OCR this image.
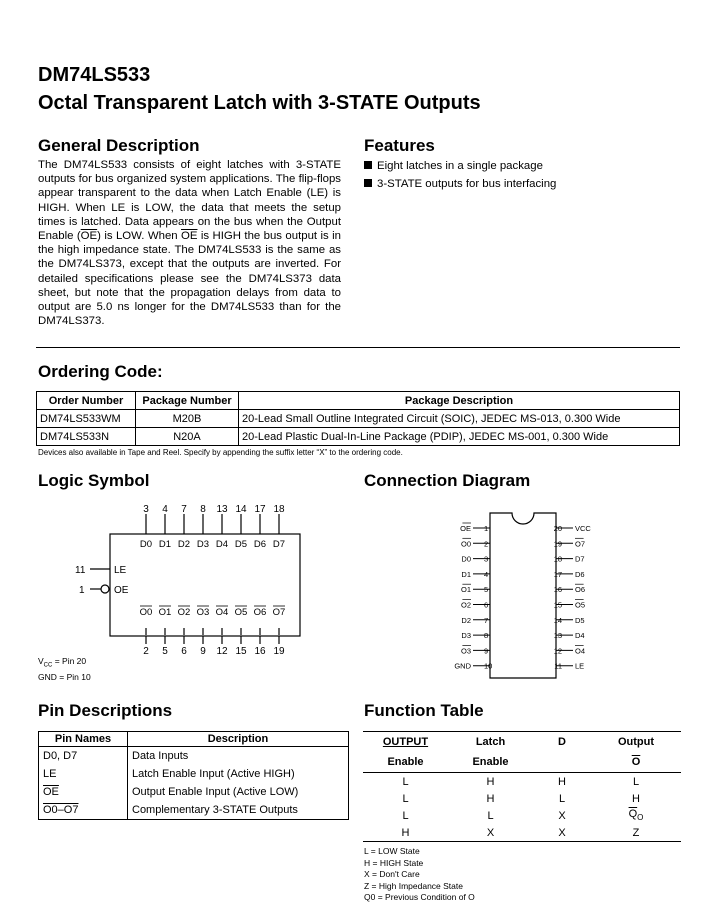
DM74LS533
Octal Transparent Latch with 3-STATE Outputs
General Description
The DM74LS533 consists of eight latches with 3-STATE outputs for bus organized system applications. The flip-flops appear transparent to the data when Latch Enable (LE) is HIGH. When LE is LOW, the data that meets the setup times is latched. Data appears on the bus when the Output Enable $(\overline{OE})$ is LOW. When $\overline{OE}$ is HIGH the bus output is in the high impedance state. The DM74LS533 is the same as the DM74LS373, except that the outputs are inverted. For detailed specifications please see the DM74LS373 data sheet, but note that the propagation delays from data to output are 5.0 ns longer for the DM74LS533 than for the DM74LS373.
Features
Eight latches in a single package
3-STATE outputs for bus interfacing
Ordering Code:
Order Number	Package Number	Package Description
DM74LS533WM	M20B	20-Lead Small Outline Integrated Circuit (SOIC), JEDEC MS-013, 0.300 Wide
DM74LS533N	N20A	20-Lead Plastic Dual-In-Line Package (PDIP), JEDEC MS-001, 0.300 Wide
Devices also available in Tape and Reel. Specify by appending the suffix letter “X” to the ordering code.
Logic Symbol
3
D0
4
D1
7
D2
8
D3
13
D4
14
D5
17
D6
18
D7
2
O0
5
O1
6
O2
9
O3
12
O4
15
O5
16
O6
19
O7
11	LE
1	OE
$V_{CC}$ = Pin 20
GND = Pin 10
Connection Diagram
OE 1
O0 2
D0 3
D1 4
O1 5
O2 6
D2 7
D3 8
O3 9
GND 10
20 VCC
19 O7
18 D7
17 D6
16 O6
15 O5
14 D5
13 D4
12 O4
11 LE
Pin Descriptions
Pin Names	Description
D0, D7	Data Inputs
LE	Latch Enable Input (Active HIGH)
$\overline{OE}$	Output Enable Input (Active LOW)
O0–O7	Complementary 3-STATE Outputs
Function Table
OUTPUT	Latch	D	Output
Enable	Enable		$\overline{O}$
L	H	H	L
L	H	L	H
L	L	X	$\overline{Q}_O$
H	X	X	Z
L = LOW State
H = HIGH State
X = Don't Care
Z = High Impedance State
Q0 = Previous Condition of O
